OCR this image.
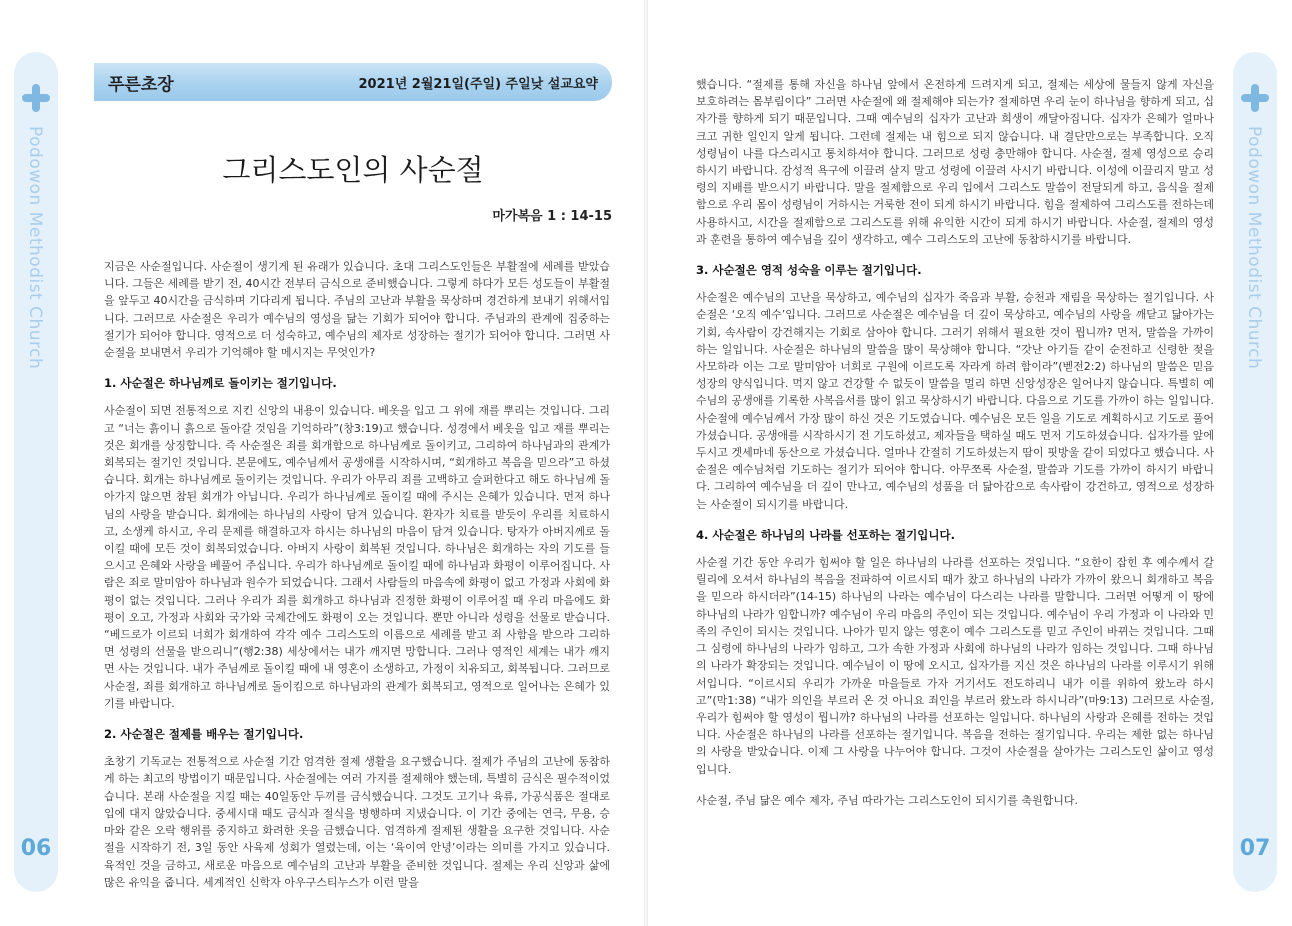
Podowon Methodist Church
06
푸른초장	2021년 2월21일(주일) 주일낮 설교요약
그리스도인의 사순절
마가복음 1 : 14-15

지금은 사순절입니다. 사순절이 생기게 된 유래가 있습니다. 초대 그리스도인들은 부활절에 세례를 받았습니다. 그들은 세례를 받기 전, 40시간 전부터 금식으로 준비했습니다. 그렇게 하다가 모든 성도들이 부활절을 앞두고 40시간을 금식하며 기다리게 됩니다. 주님의 고난과 부활을 묵상하며 경건하게 보내기 위해서입니다. 그러므로 사순절은 우리가 예수님의 영성을 닮는 기회가 되어야 합니다. 주님과의 관계에 집중하는 절기가 되어야 합니다. 영적으로 더 성숙하고, 예수님의 제자로 성장하는 절기가 되어야 합니다. 그러면 사순절을 보내면서 우리가 기억해야 할 메시지는 무엇인가?

1. 사순절은 하나님께로 돌이키는 절기입니다.

사순절이 되면 전통적으로 지킨 신앙의 내용이 있습니다. 베옷을 입고 그 위에 재를 뿌리는 것입니다. 그리고 “너는 흙이니 흙으로 돌아갈 것임을 기억하라”(창3:19)고 했습니다. 성경에서 베옷을 입고 재를 뿌리는 것은 회개를 상징합니다. 즉 사순절은 죄를 회개함으로 하나님께로 돌이키고, 그리하여 하나님과의 관계가 회복되는 절기인 것입니다. 본문에도, 예수님께서 공생애를 시작하시며, “회개하고 복음을 믿으라”고 하셨습니다. 회개는 하나님께로 돌이키는 것입니다. 우리가 아무리 죄를 고백하고 슬퍼한다고 해도 하나님께 돌아가지 않으면 참된 회개가 아닙니다. 우리가 하나님께로 돌이킬 때에 주시는 은혜가 있습니다. 먼저 하나님의 사랑을 받습니다. 회개에는 하나님의 사랑이 담겨 있습니다. 환자가 치료를 받듯이 우리를 치료하시고, 소생케 하시고, 우리 문제를 해결하고자 하시는 하나님의 마음이 담겨 있습니다. 탕자가 아버지께로 돌이킬 때에 모든 것이 회복되었습니다. 아버지 사랑이 회복된 것입니다. 하나님은 회개하는 자의 기도를 들으시고 은혜와 사랑을 베풀어 주십니다. 우리가 하나님께로 돌이킬 때에 하나님과 화평이 이루어집니다. 사람은 죄로 말미암아 하나님과 원수가 되었습니다. 그래서 사람들의 마음속에 화평이 없고 가정과 사회에 화평이 없는 것입니다. 그러나 우리가 죄를 회개하고 하나님과 진정한 화평이 이루어질 때 우리 마음에도 화평이 오고, 가정과 사회와 국가와 국제간에도 화평이 오는 것입니다. 뿐만 아니라 성령을 선물로 받습니다. “베드로가 이르되 너희가 회개하여 각각 예수 그리스도의 이름으로 세례를 받고 죄 사함을 받으라 그리하면 성령의 선물을 받으리니”(행2:38) 세상에서는 내가 깨지면 망합니다. 그러나 영적인 세계는 내가 깨지면 사는 것입니다. 내가 주님께로 돌이킬 때에 내 영혼이 소생하고, 가정이 치유되고, 회복됩니다. 그러므로 사순절, 죄를 회개하고 하나님께로 돌이킴으로 하나님과의 관계가 회복되고, 영적으로 일어나는 은혜가 있기를 바랍니다.

2. 사순절은 절제를 배우는 절기입니다.

초창기 기독교는 전통적으로 사순절 기간 엄격한 절제 생활을 요구했습니다. 절제가 주님의 고난에 동참하게 하는 최고의 방법이기 때문입니다. 사순절에는 여러 가지를 절제해야 했는데, 특별히 금식은 필수적이었습니다. 본래 사순절을 지킬 때는 40일동안 두끼를 금식했습니다. 그것도 고기나 육류, 가공식품은 절대로 입에 대지 않았습니다. 중세시대 때도 금식과 절식을 병행하며 지냈습니다. 이 기간 중에는 연극, 무용, 승마와 같은 오락 행위를 중지하고 화려한 옷을 금했습니다. 엄격하게 절제된 생활을 요구한 것입니다. 사순절을 시작하기 전, 3일 동안 사육제 성회가 열렸는데, 이는 ‘육이여 안녕’이라는 의미를 가지고 있습니다. 육적인 것을 금하고, 새로운 마음으로 예수님의 고난과 부활을 준비한 것입니다. 절제는 우리 신앙과 삶에 많은 유익을 줍니다. 세계적인 신학자 아우구스티누스가 이런 말을

했습니다. “절제를 통해 자신을 하나님 앞에서 온전하게 드려지게 되고, 절제는 세상에 물들지 않게 자신을 보호하려는 몸부림이다” 그러면 사순절에 왜 절제해야 되는가? 절제하면 우리 눈이 하나님을 향하게 되고, 십자가를 향하게 되기 때문입니다. 그때 예수님의 십자가 고난과 희생이 깨달아집니다. 십자가 은혜가 얼마나 크고 귀한 일인지 알게 됩니다. 그런데 절제는 내 힘으로 되지 않습니다. 내 결단만으로는 부족합니다. 오직 성령님이 나를 다스리시고 통치하셔야 합니다. 그러므로 성령 충만해야 합니다. 사순절, 절제 영성으로 승리하시기 바랍니다. 감성적 욕구에 이끌려 살지 말고 성령에 이끌려 사시기 바랍니다. 이성에 이끌리지 말고 성령의 지배를 받으시기 바랍니다. 말을 절제함으로 우리 입에서 그리스도 말씀이 전달되게 하고, 음식을 절제함으로 우리 몸이 성령님이 거하시는 거룩한 전이 되게 하시기 바랍니다. 힘을 절제하여 그리스도를 전하는데 사용하시고, 시간을 절제함으로 그리스도를 위해 유익한 시간이 되게 하시기 바랍니다. 사순절, 절제의 영성과 훈련을 통하여 예수님을 깊이 생각하고, 예수 그리스도의 고난에 동참하시기를 바랍니다.

3. 사순절은 영적 성숙을 이루는 절기입니다.

사순절은 예수님의 고난을 묵상하고, 예수님의 십자가 죽음과 부활, 승천과 재림을 묵상하는 절기입니다. 사순절은 ‘오직 예수’입니다. 그러므로 사순절은 예수님을 더 깊이 묵상하고, 예수님의 사랑을 깨닫고 닮아가는 기회, 속사람이 강건해지는 기회로 삼아야 합니다. 그러기 위해서 필요한 것이 뭡니까? 먼저, 말씀을 가까이 하는 일입니다. 사순절은 하나님의 말씀을 많이 묵상해야 합니다. “갓난 아기들 같이 순전하고 신령한 젖을 사모하라 이는 그로 말미암아 너희로 구원에 이르도록 자라게 하려 함이라”(벧전2:2) 하나님의 말씀은 믿음 성장의 양식입니다. 먹지 않고 건강할 수 없듯이 말씀을 멀리 하면 신앙성장은 일어나지 않습니다. 특별히 예수님의 공생애를 기록한 사복음서를 많이 읽고 묵상하시기 바랍니다. 다음으로 기도를 가까이 하는 일입니다. 사순절에 예수님께서 가장 많이 하신 것은 기도였습니다. 예수님은 모든 일을 기도로 계획하시고 기도로 풀어가셨습니다. 공생애를 시작하시기 전 기도하셨고, 제자들을 택하실 때도 먼저 기도하셨습니다. 십자가를 앞에 두시고 겟세마네 동산으로 가셨습니다. 얼마나 간절히 기도하셨는지 땀이 핏방울 같이 되었다고 했습니다. 사순절은 예수님처럼 기도하는 절기가 되어야 합니다. 아무쪼록 사순절, 말씀과 기도를 가까이 하시기 바랍니다. 그리하여 예수님을 더 깊이 만나고, 예수님의 성품을 더 닮아감으로 속사람이 강건하고, 영적으로 성장하는 사순절이 되시기를 바랍니다.

4. 사순절은 하나님의 나라를 선포하는 절기입니다.

사순절 기간 동안 우리가 힘써야 할 일은 하나님의 나라를 선포하는 것입니다. “요한이 잡힌 후 예수께서 갈릴리에 오셔서 하나님의 복음을 전파하여 이르시되 때가 찼고 하나님의 나라가 가까이 왔으니 회개하고 복음을 믿으라 하시더라”(14-15) 하나님의 나라는 예수님이 다스리는 나라를 말합니다. 그러면 어떻게 이 땅에 하나님의 나라가 임합니까? 예수님이 우리 마음의 주인이 되는 것입니다. 예수님이 우리 가정과 이 나라와 민족의 주인이 되시는 것입니다. 나아가 믿지 않는 영혼이 예수 그리스도를 믿고 주인이 바뀌는 것입니다. 그때 그 심령에 하나님의 나라가 임하고, 그가 속한 가정과 사회에 하나님의 나라가 임하는 것입니다. 그때 하나님의 나라가 확장되는 것입니다. 예수님이 이 땅에 오시고, 십자가를 지신 것은 하나님의 나라를 이루시기 위해서입니다. “이르시되 우리가 가까운 마을들로 가자 거기서도 전도하리니 내가 이를 위하여 왔노라 하시고”(막1:38) “내가 의인을 부르러 온 것 아니요 죄인을 부르러 왔노라 하시니라”(마9:13) 그러므로 사순절, 우리가 힘써야 할 영성이 뭡니까? 하나님의 나라를 선포하는 일입니다. 하나님의 사랑과 은혜를 전하는 것입니다. 사순절은 하나님의 나라를 선포하는 절기입니다. 복음을 전하는 절기입니다. 우리는 제한 없는 하나님의 사랑을 받았습니다. 이제 그 사랑을 나누어야 합니다. 그것이 사순절을 살아가는 그리스도인 삶이고 영성입니다.

사순절, 주님 닮은 예수 제자, 주님 따라가는 그리스도인이 되시기를 축원합니다.

Podowon Methodist Church
07
